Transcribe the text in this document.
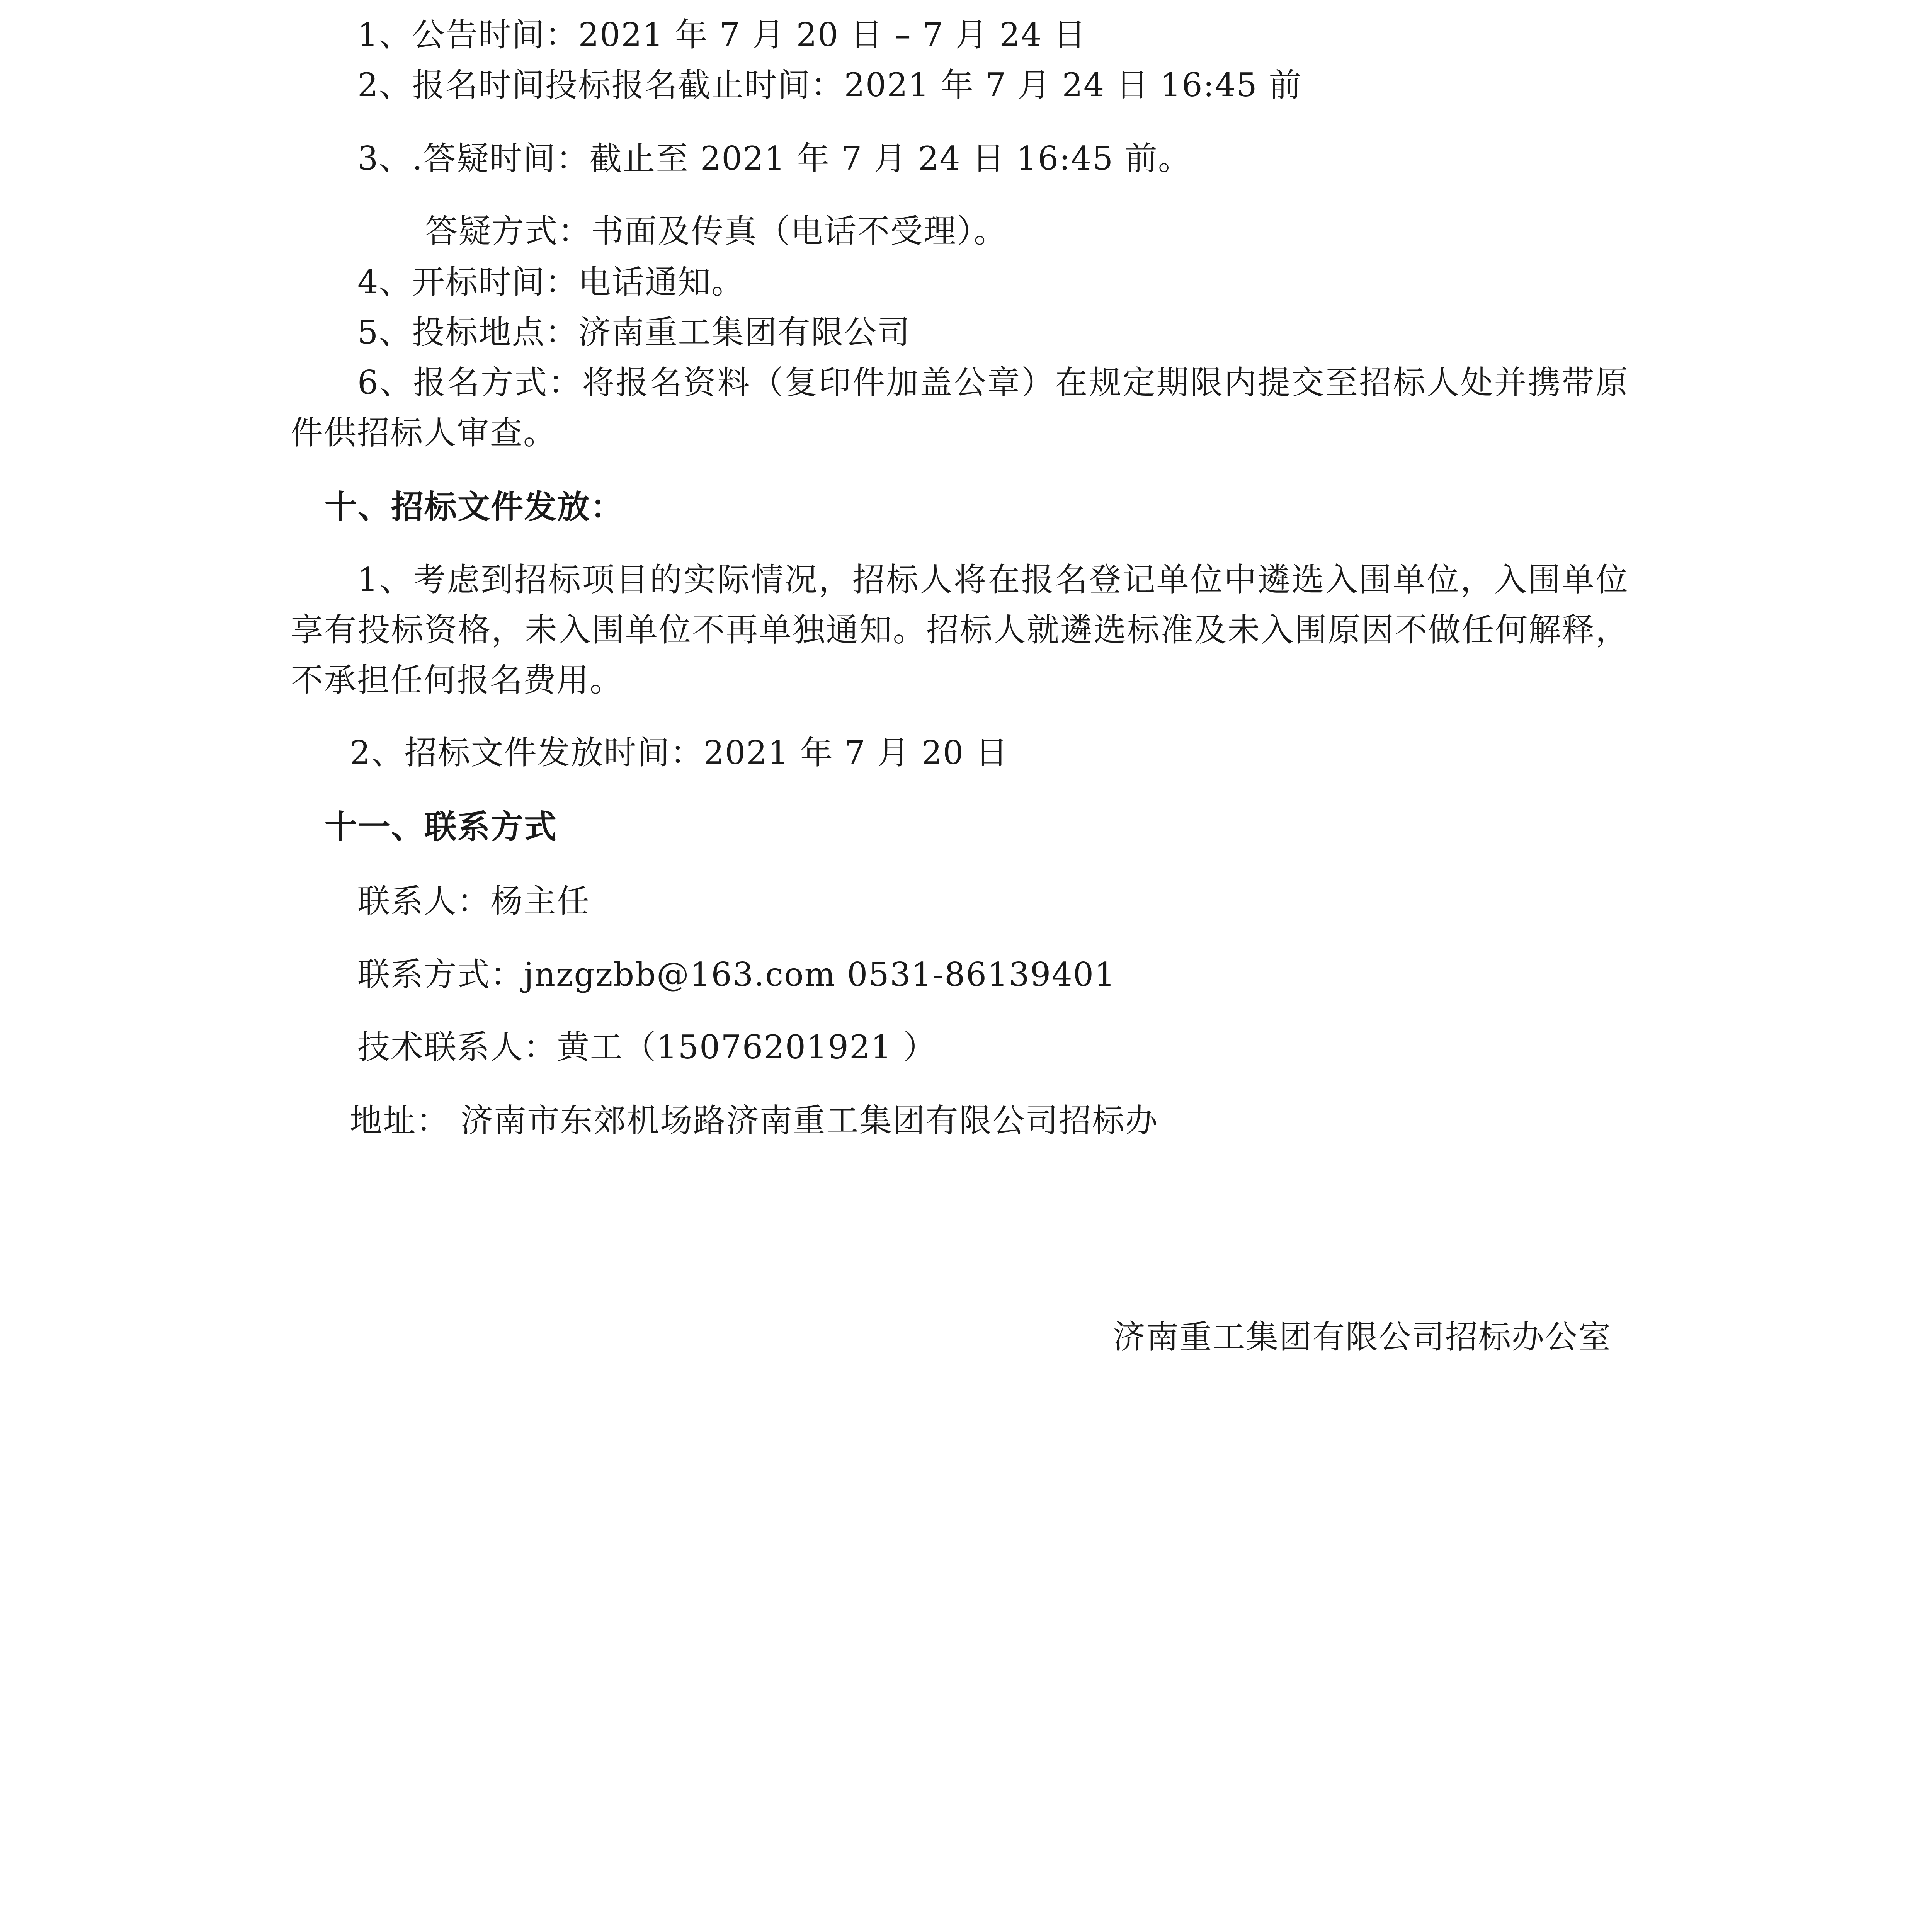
1、公告时间：2021 年 7 月 20 日 – 7 月 24 日
2、报名时间投标报名截止时间：2021 年 7 月 24 日 16:45 前
3、.答疑时间：截止至 2021 年 7 月 24 日 16:45 前。
答疑方式：书面及传真（电话不受理）。
4、开标时间：电话通知。
5、投标地点：济南重工集团有限公司
6、报名方式：将报名资料（复印件加盖公章）在规定期限内提交至招标人处并携带原
件供招标人审查。
十、招标文件发放：
1、考虑到招标项目的实际情况，招标人将在报名登记单位中遴选入围单位，入围单位
享有投标资格，未入围单位不再单独通知。招标人就遴选标准及未入围原因不做任何解释，
不承担任何报名费用。
2、招标文件发放时间：2021 年 7 月 20 日
十一、联系方式
联系人：杨主任
联系方式：jnzgzbb@163.com 0531-86139401
技术联系人：黄工（15076201921 ）
地址： 济南市东郊机场路济南重工集团有限公司招标办
济南重工集团有限公司招标办公室
